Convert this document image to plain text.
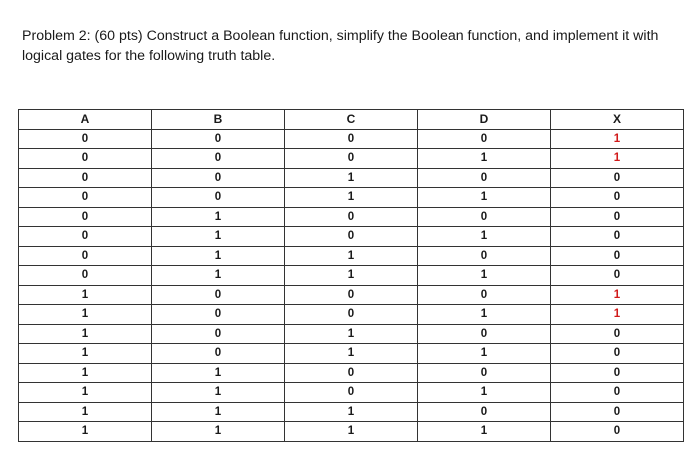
Problem 2: (60 pts) Construct a Boolean function, simplify the Boolean function, and implement it with logical gates for the following truth table.

A	B	C	D	X
0	0	0	0	1
0	0	0	1	1
0	0	1	0	0
0	0	1	1	0
0	1	0	0	0
0	1	0	1	0
0	1	1	0	0
0	1	1	1	0
1	0	0	0	1
1	0	0	1	1
1	0	1	0	0
1	0	1	1	0
1	1	0	0	0
1	1	0	1	0
1	1	1	0	0
1	1	1	1	0
